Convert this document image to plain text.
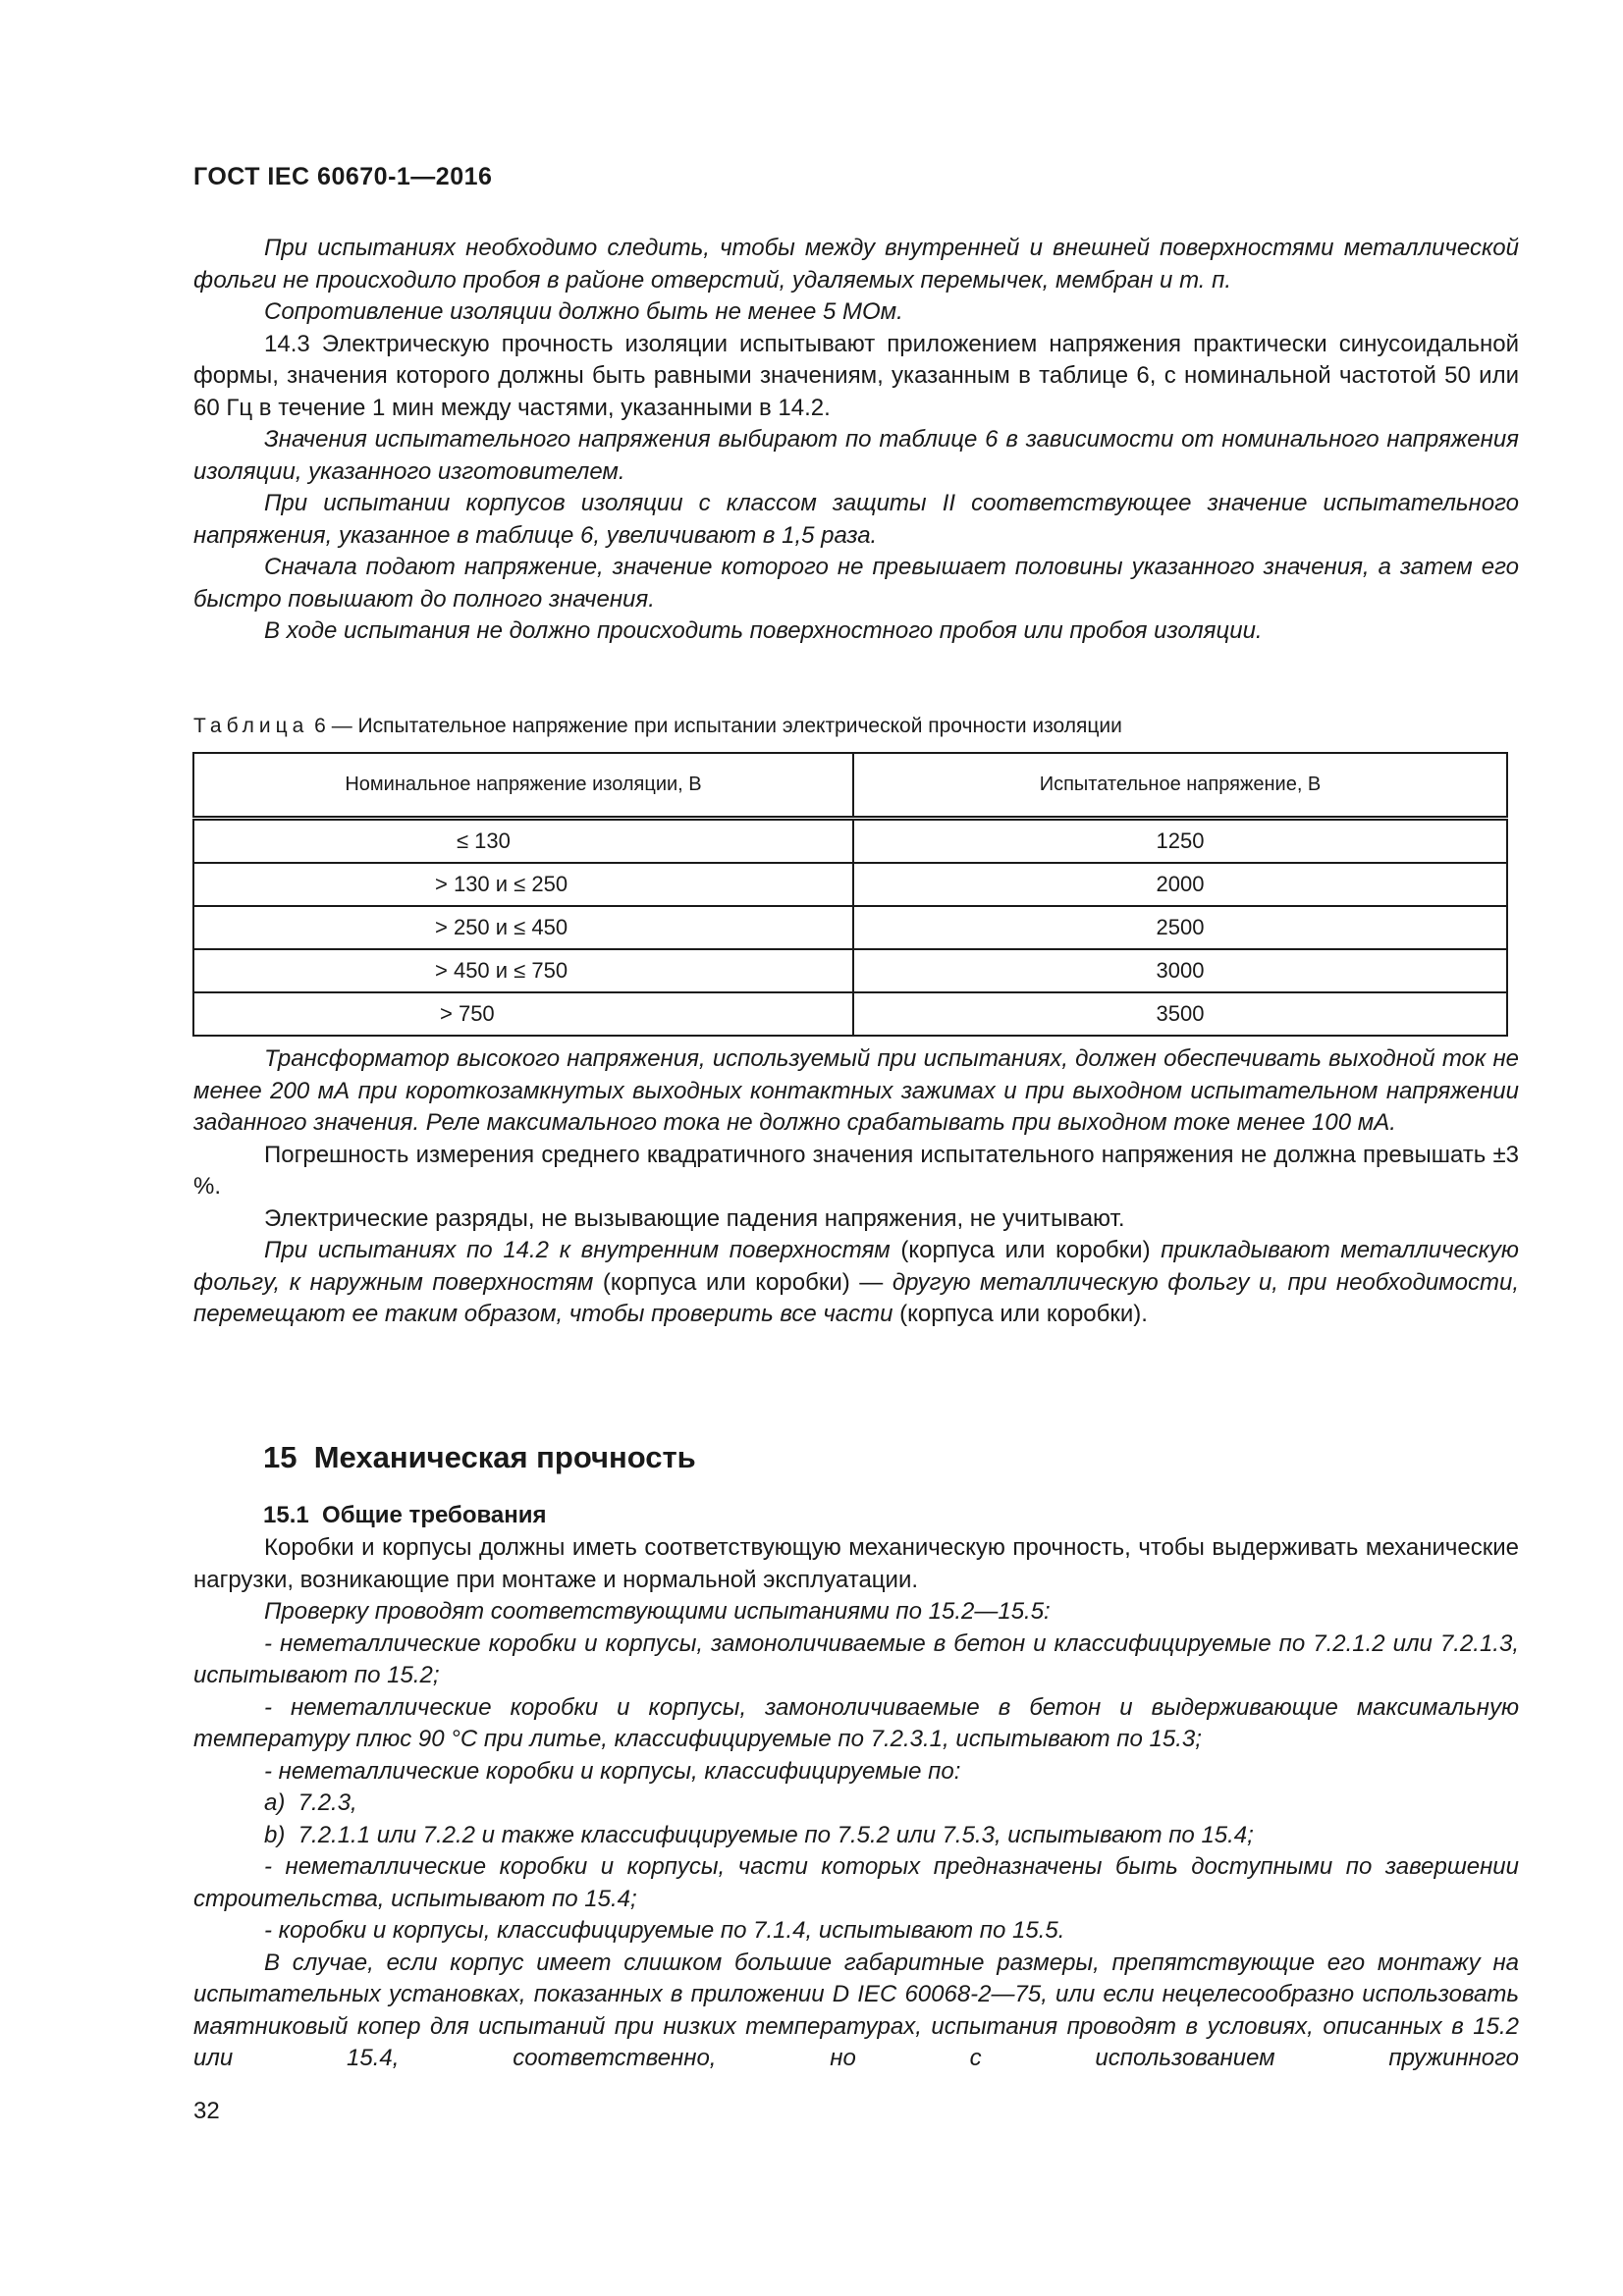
ГОСТ IEC 60670-1—2016

При испытаниях необходимо следить, чтобы между внутренней и внешней поверхностями металлической фольги не происходило пробоя в районе отверстий, удаляемых перемычек, мембран и т. п.

Сопротивление изоляции должно быть не менее 5 МОм.

14.3 Электрическую прочность изоляции испытывают приложением напряжения практически синусоидальной формы, значения которого должны быть равными значениям, указанным в таблице 6, с номинальной частотой 50 или 60 Гц в течение 1 мин между частями, указанными в 14.2.

Значения испытательного напряжения выбирают по таблице 6 в зависимости от номинального напряжения изоляции, указанного изготовителем.

При испытании корпусов изоляции с классом защиты II соответствующее значение испытательного напряжения, указанное в таблице 6, увеличивают в 1,5 раза.

Сначала подают напряжение, значение которого не превышает половины указанного значения, а затем его быстро повышают до полного значения.

В ходе испытания не должно происходить поверхностного пробоя или пробоя изоляции.

Таблица 6 — Испытательное напряжение при испытании электрической прочности изоляции
Номинальное напряжение изоляции, В	Испытательное напряжение, В
≤ 130	1250
> 130 и ≤ 250	2000
> 250 и ≤ 450	2500
> 450 и ≤ 750	3000
> 750	3500

Трансформатор высокого напряжения, используемый при испытаниях, должен обеспечивать выходной ток не менее 200 мА при короткозамкнутых выходных контактных зажимах и при выходном испытательном напряжении заданного значения. Реле максимального тока не должно срабатывать при выходном токе менее 100 мА.

Погрешность измерения среднего квадратичного значения испытательного напряжения не должна превышать ±3 %.

Электрические разряды, не вызывающие падения напряжения, не учитывают.

При испытаниях по 14.2 к внутренним поверхностям (корпуса или коробки) прикладывают металлическую фольгу, к наружным поверхностям (корпуса или коробки) — другую металлическую фольгу и, при необходимости, перемещают ее таким образом, чтобы проверить все части (корпуса или коробки).

15  Механическая прочность
15.1  Общие требования

Коробки и корпусы должны иметь соответствующую механическую прочность, чтобы выдерживать механические нагрузки, возникающие при монтаже и нормальной эксплуатации.

Проверку проводят соответствующими испытаниями по 15.2—15.5:

- неметаллические коробки и корпусы, замоноличиваемые в бетон и классифицируемые по 7.2.1.2 или 7.2.1.3, испытывают по 15.2;

- неметаллические коробки и корпусы, замоноличиваемые в бетон и выдерживающие максимальную температуру плюс 90 °С при литье, классифицируемые по 7.2.3.1, испытывают по 15.3;

- неметаллические коробки и корпусы, классифицируемые по:

a)  7.2.3,

b)  7.2.1.1 или 7.2.2 и также классифицируемые по 7.5.2 или 7.5.3, испытывают по 15.4;

- неметаллические коробки и корпусы, части которых предназначены быть доступными по завершении строительства, испытывают по 15.4;

- коробки и корпусы, классифицируемые по 7.1.4, испытывают по 15.5.

В случае, если корпус имеет слишком большие габаритные размеры, препятствующие его монтажу на испытательных установках, показанных в приложении D IEC 60068-2—75, или если нецелесообразно использовать маятниковый копер для испытаний при низких температурах, испытания проводят в условиях, описанных в 15.2 или 15.4, соответственно, но с использованием пружинного

32
